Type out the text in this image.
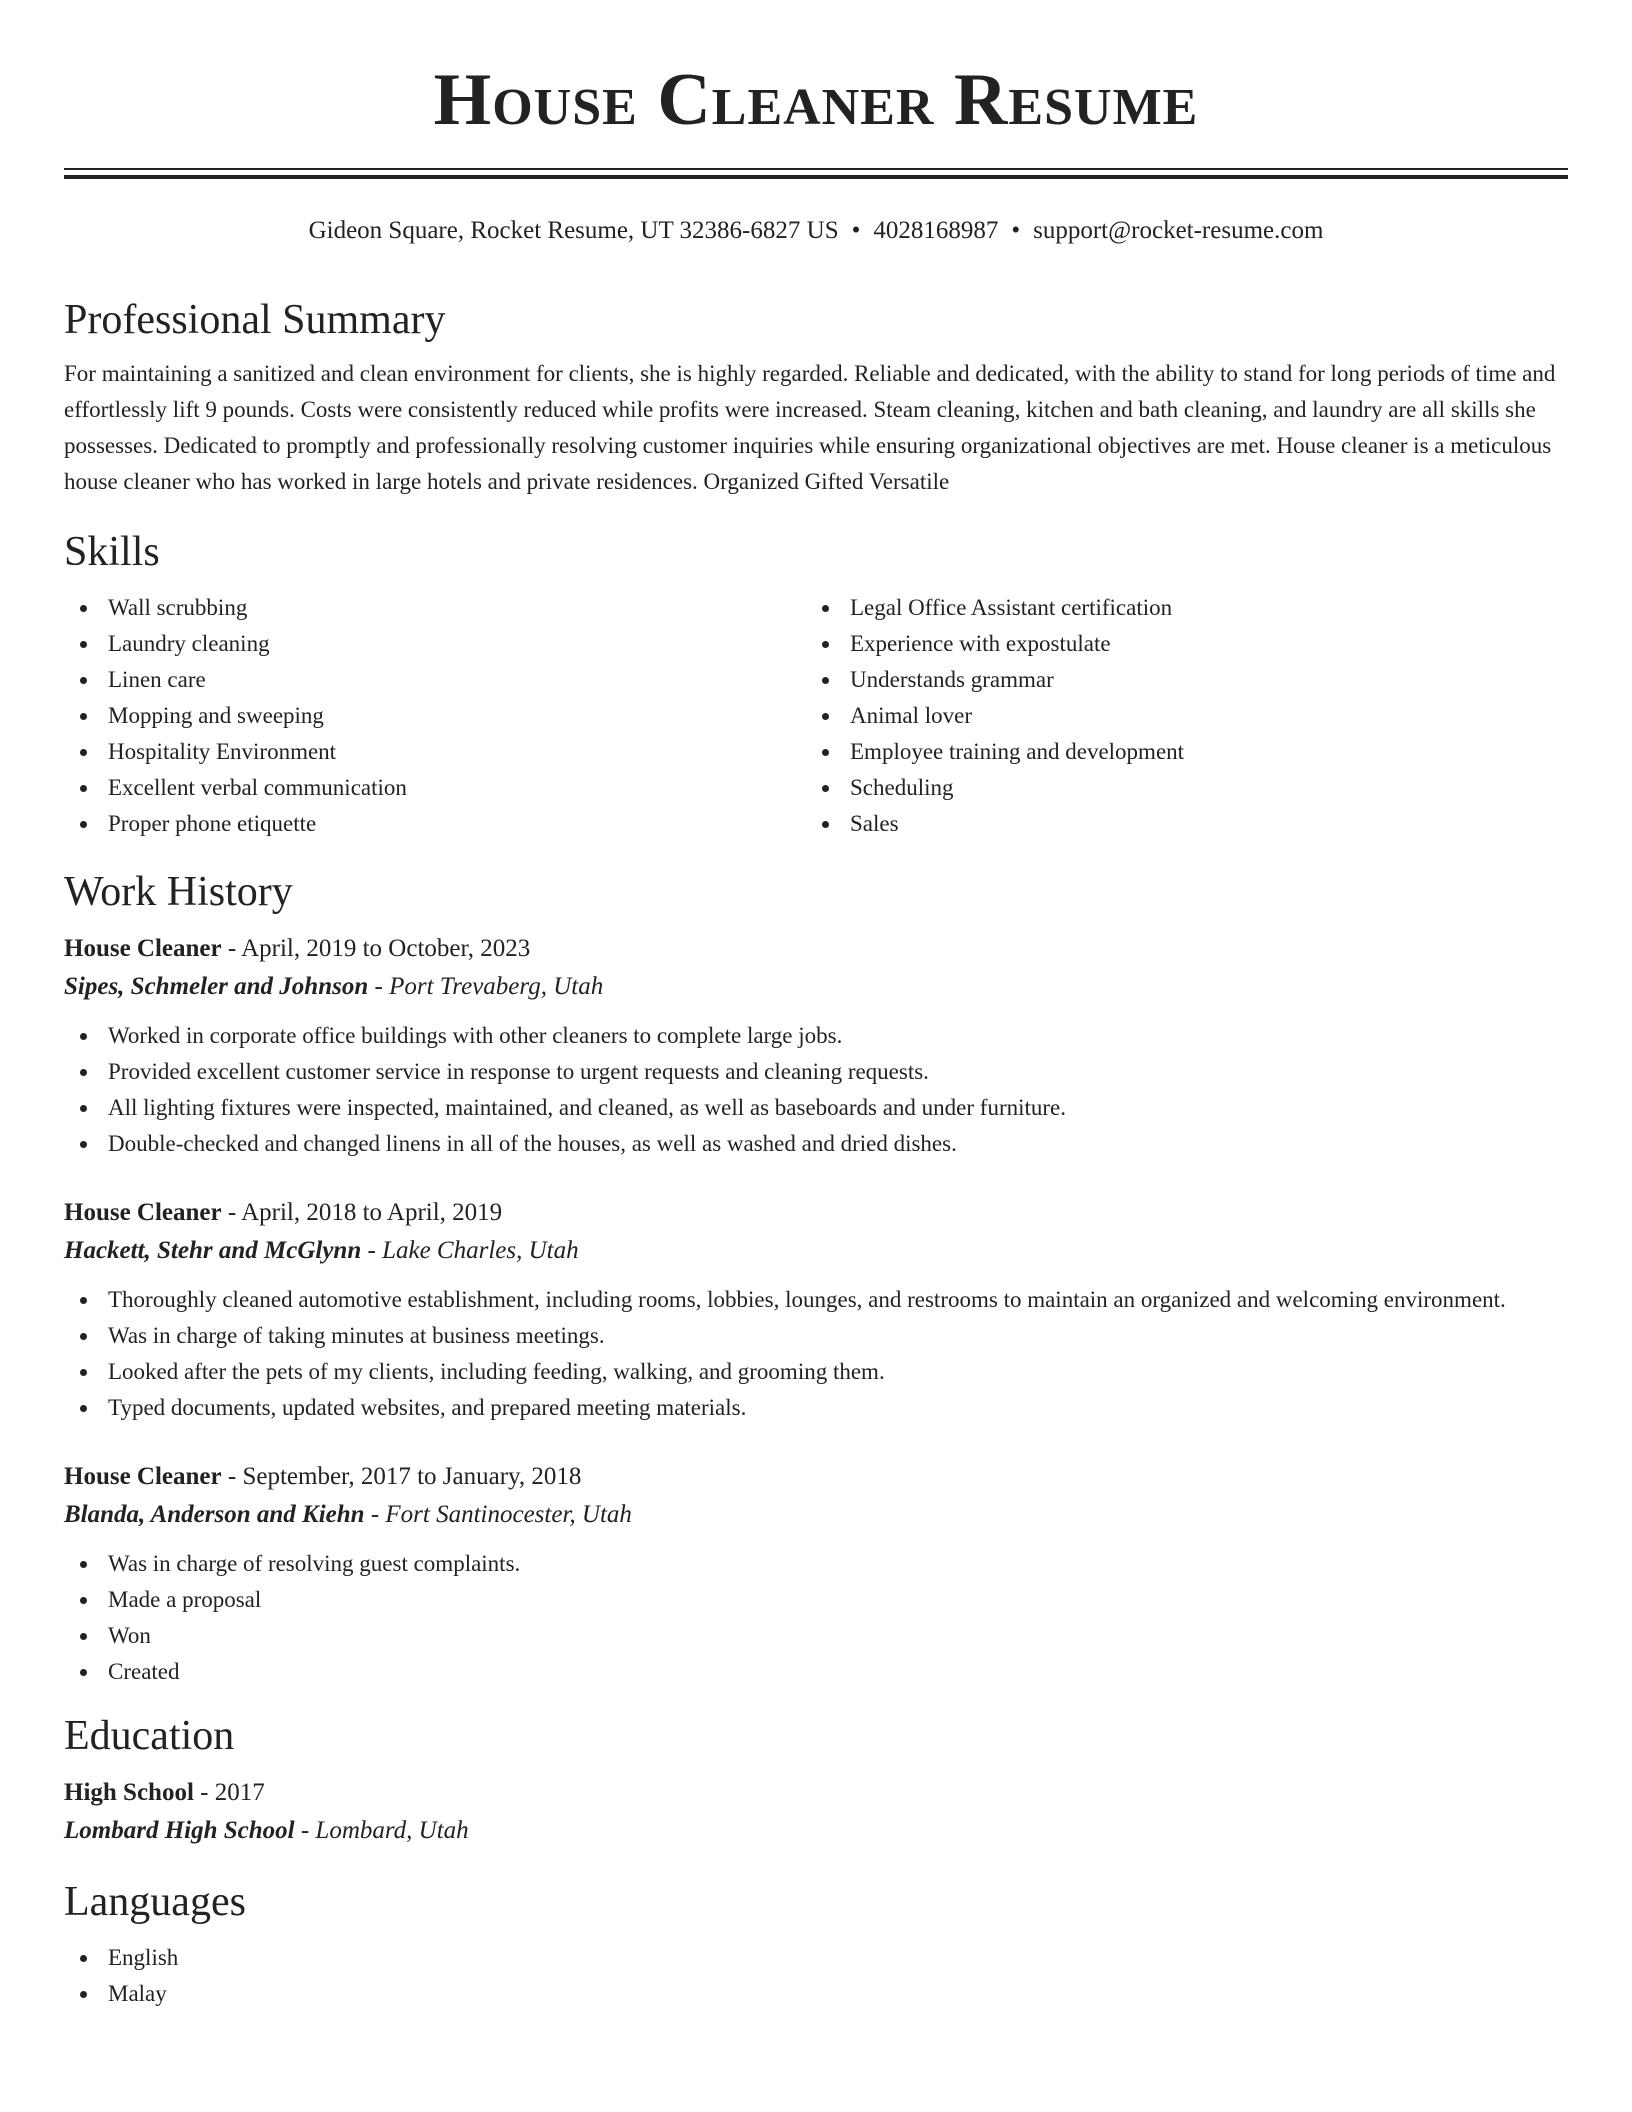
House Cleaner Resume
Gideon Square, Rocket Resume, UT 32386-6827 US • 4028168987 • support@rocket-resume.com
Professional Summary

For maintaining a sanitized and clean environment for clients, she is highly regarded. Reliable and dedicated, with the ability to stand for long periods of time and effortlessly lift 9 pounds. Costs were consistently reduced while profits were increased. Steam cleaning, kitchen and bath cleaning, and laundry are all skills she possesses. Dedicated to promptly and professionally resolving customer inquiries while ensuring organizational objectives are met. House cleaner is a meticulous house cleaner who has worked in large hotels and private residences. Organized Gifted Versatile

Skills
Wall scrubbing
Laundry cleaning
Linen care
Mopping and sweeping
Hospitality Environment
Excellent verbal communication
Proper phone etiquette
Legal Office Assistant certification
Experience with expostulate
Understands grammar
Animal lover
Employee training and development
Scheduling
Sales
Work History
House Cleaner - April, 2019 to October, 2023
Sipes, Schmeler and Johnson - Port Trevaberg, Utah
Worked in corporate office buildings with other cleaners to complete large jobs.
Provided excellent customer service in response to urgent requests and cleaning requests.
All lighting fixtures were inspected, maintained, and cleaned, as well as baseboards and under furniture.
Double-checked and changed linens in all of the houses, as well as washed and dried dishes.
House Cleaner - April, 2018 to April, 2019
Hackett, Stehr and McGlynn - Lake Charles, Utah
Thoroughly cleaned automotive establishment, including rooms, lobbies, lounges, and restrooms to maintain an organized and welcoming environment.
Was in charge of taking minutes at business meetings.
Looked after the pets of my clients, including feeding, walking, and grooming them.
Typed documents, updated websites, and prepared meeting materials.
House Cleaner - September, 2017 to January, 2018
Blanda, Anderson and Kiehn - Fort Santinocester, Utah
Was in charge of resolving guest complaints.
Made a proposal
Won
Created
Education
High School - 2017
Lombard High School - Lombard, Utah
Languages
English
Malay
